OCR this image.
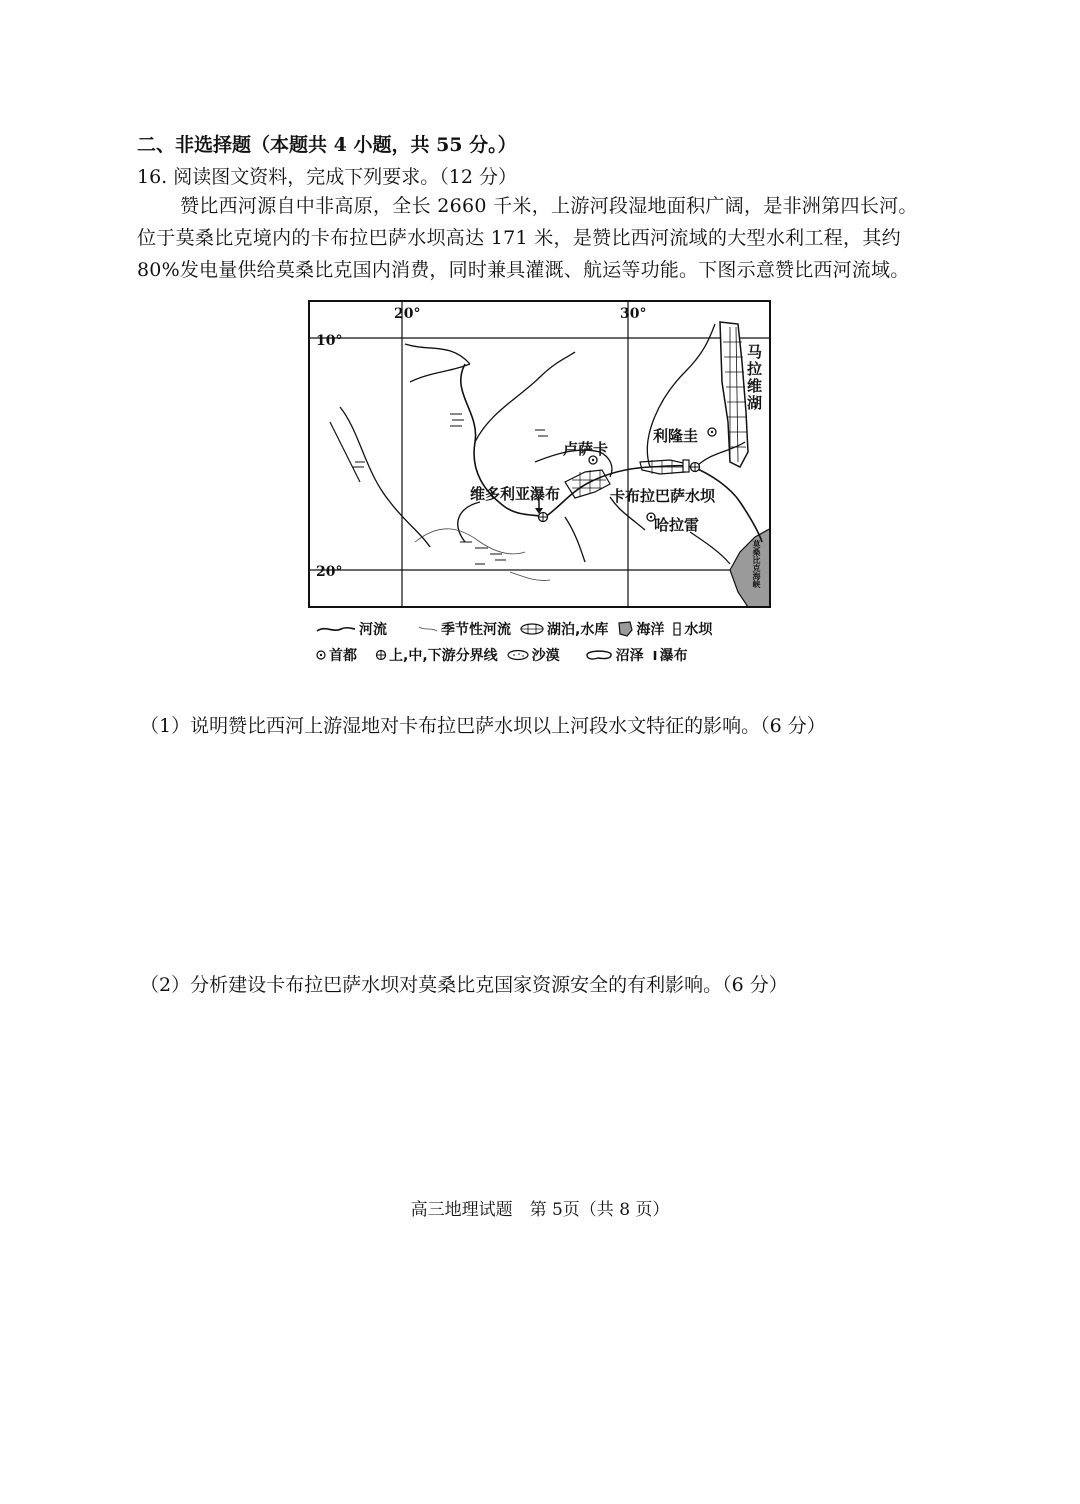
二、非选择题（本题共 4 小题，共 55 分。）
16. 阅读图文资料，完成下列要求。（12 分）
赞比西河源自中非高原，全长 2660 千米，上游河段湿地面积广阔，是非洲第四长河。
位于莫桑比克境内的卡布拉巴萨水坝高达 171 米，是赞比西河流域的大型水利工程，其约
80%发电量供给莫桑比克国内消费，同时兼具灌溉、航运等功能。下图示意赞比西河流域。
20°	30°
10°
20°
马拉维湖
利隆圭
卢萨卡
维多利亚瀑布	卡布拉巴萨水坝
哈拉雷
莫桑比克海峡
河流	季节性河流	湖泊,水库 海洋 水坝
首都 上,中,下游分界线 沙漠	沼泽 瀑布
（1）说明赞比西河上游湿地对卡布拉巴萨水坝以上河段水文特征的影响。（6 分）
（2）分析建设卡布拉巴萨水坝对莫桑比克国家资源安全的有利影响。（6 分）
高三地理试题　第 5页（共 8 页）
